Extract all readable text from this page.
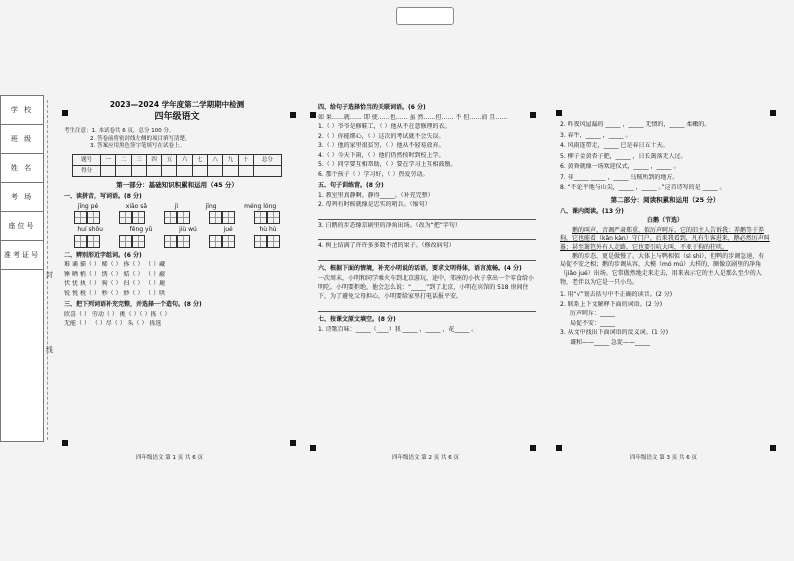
学 校
班 级
姓 名
考 场
座位号
准考证号
封
线
2023—2024 学年度第二学期期中检测
四年级语文
考生注意：1. 本试卷共 6 页，总分 100 分。
2. 答卷前将密封线左侧的项目填写清楚。
3. 答案应用黑色签字笔填写在试卷上。
题号	一	二	三	四	五	六	七	八	九	十	总分
得分											
第一部分：基础知识积累和运用（45 分）
一、读拼音，写词语。(8 分)
jīng pé	xiāo sǎ	jì	jīng	méng lóng
huí shǒu	fēng yǔ	jiù wú	jué	hù hù
二、辨别形近字组词。(6 分)
难 诵 描（ ） 稀（ ） 拆（ ） （ ）藏
锤 晒 梢（ ） 绣（ ） 秸（ ） （ ）蔽
伏 忧 执（ ） 狗（ ） 扫（ ） （ ）鹿
锐 悦 税（ ） 秒（ ） 妙（ ） （ ）哄
三、把下列词语补充完整，并选择一个造句。(8 分)
欣喜（ ） 劳动（ ） 挑（ ）（ ）拣（ ）
无能（ ） （ ）尽（ ） 头（ ） 拣选
四年级语文 第 1 页 共 6 页
四、给句子选择恰当的关联词语。(6 分)
如 果……就…… 即 使……也…… 虽 然……但…… 不 但……而 且……
1.（ ）爷爷是修鞋工，（ ）他从不在意修理的衣。
2.（ ）你能细心，（ ）这次的考试就不会失误。
3.（ ）他的家里很贫穷，（ ）他从不轻易放弃。
4.（ ）今天下雨，（ ）他们仍然按时到校上学。
5.（ ）同学要互相帮助，（ ）要在学习上互相鼓励。
6. 那个孩子（ ）学习好，（ ）热爱劳动。
五、句子训练营。(8 分)
1. 教室里真静啊。静得_____。（补充完整）
2. 母鸡有时候就像是忠实的哨兵。（缩句）
3. 白鹅的步态像京剧里的净角出场。（改为“把”字句）
4. 树上结满了许许多多数不清的果子。（修改病句）
六、根据下面的情境，补充小明说的话语，要求文明得体，语言流畅。(4 分)
一次周末，小明和同学乘火车到北京游玩，途中，邻座的小伙子拿出一个零食给小明吃。小明要拒绝，他会怎么说：“_____”到了北京，小明在宾馆的 518 房间住下，为了避免父母担心，小明要给家里打电话报平安。
七、按课文原文填空。(8 分)
1. 诗歌百味：_____（____）我 _____ ，_____ ，花_____ 。
四年级语文 第 2 页 共 6 页
2. 昨夜风屋漏的 _____ ，_____ 无情的，_____ 柔嫩的。
3. 春牛，_____ ，_____ 。
4. 风雨连带走，_____ 已是春日五十天。
5. 柳子金黄杏子肥，_____ ，日长篱落无人过。
6. 黄昏就像一场欢迎仪式，_____ ，_____ 。
7. 非_____ _____ ，_____ 乌贼所到的地方。
8. “不论平地与山尖，_____ ，_____ 。”这首诗写的是 _____ 。
第二部分：阅读积累和运用（25 分）
八、课内阅读。(13 分)
白鹅（节选）
鹅的叫声，音调严肃郑重，似厉声呵斥。它的旧主人告诉我：养鹅等于养狗，它也能看（kān kàn）守门户。后来我看到，凡有生客进来，鹅必然厉声叫嚣；甚至篱笆外有人走路，它也要引吭大叫，不亚于狗的狂吠。
鹅的步态，更是傲慢了。大体上与鸭相似（sì shì），但鸭的步调急速，有局促不安之相；鹅的步调从容，大模（mó mú）大样的，颇像京剧里的净角（jiǎo jué）出场。它常傲然地走来走去，用来表示它的主人是那么至少的人物，老伴以为它是一只小鸟。
1. 用“√”划去括号中不正确的读音。(2 分)
2. 联系上下文解释下面的词语。(2 分)
厉声呵斥：_____
局促不安：_____
3. 从文中找出下面词语的反义词。(1 分)
谦和——_____ 急促——_____
四年级语文 第 3 页 共 6 页
